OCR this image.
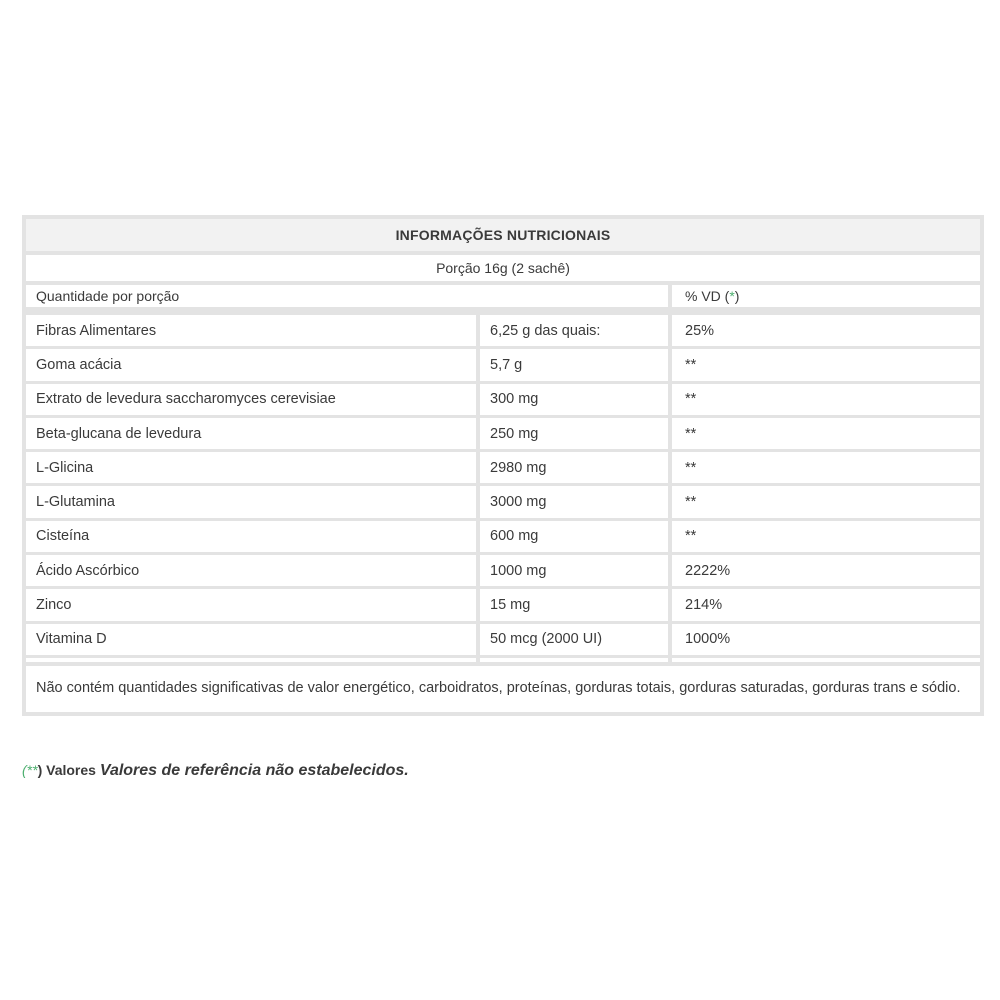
INFORMAÇÕES NUTRICIONAIS
Porção 16g (2 sachê)
Quantidade por porção	% VD ( * )
Fibras Alimentares	6,25 g das quais:	25%
Goma acácia	5,7 g	**
Extrato de levedura saccharomyces cerevisiae	300 mg	**
Beta-glucana de levedura	250 mg	**
L-Glicina	2980 mg	**
L-Glutamina	3000 mg	**
Cisteína	600 mg	**
Ácido Ascórbico	1000 mg	2222%
Zinco	15 mg	214%
Vitamina D	50 mcg (2000 UI)	1000%
Não contém quantidades significativas de valor energético, carboidratos, proteínas, gorduras totais, gorduras saturadas, gorduras trans e sódio.
(**) Valores Valores de referência não estabelecidos.
